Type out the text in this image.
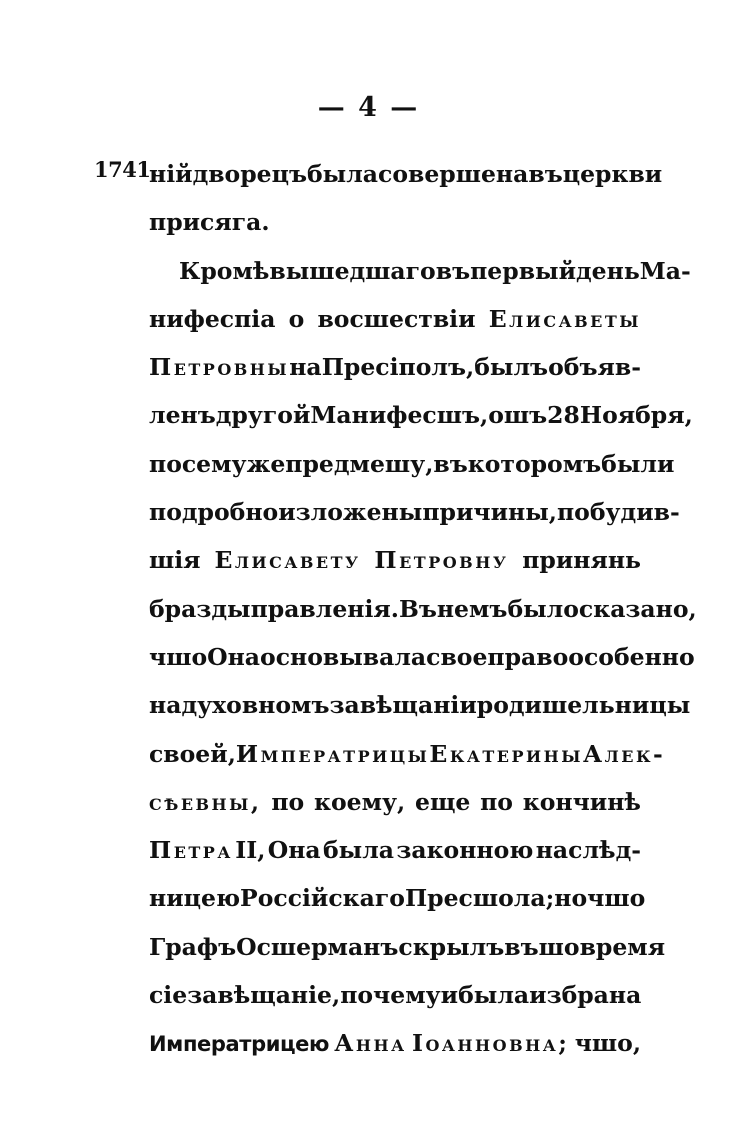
— 4 —
1741.
нiй дворецъ была совершена въ церкви
присяга.
Кромѣ вышедшаго въ первый день Ма-
нифеспіа о восшествiи Елисаветы
Петровны на Пресіполъ, былъ объяв-
ленъ другой Манифесшъ, ошъ 28 Ноября,
по сему же предмешу, въ которомъ были
подробно изложены причины, побудив-
шiя Елисавету Петровну принянь
бразды правленiя. Въ немъ было сказано,
чшо Она основывала свое право особенно
на духовномъ завѣщанiи родишельницы
своей, Императрицы Екатерины Алек-
сѣевны, по коему, еще по кончинѣ
Петра II, Она была законною наслѣд-
ницею Россiйскаго Пресшола; но чшо
Графъ Осшерманъ скрылъ въ шо время
сiе завѣщанiе, почему и была избрана
Императрицею Анна Iоанновна; чшо,
